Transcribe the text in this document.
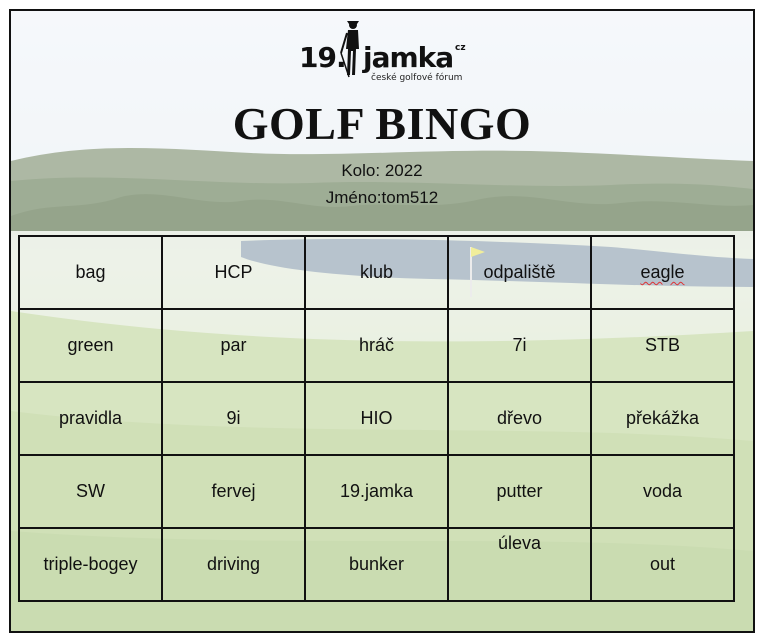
19. jamka cz
české golfové fórum
GOLF BINGO
Kolo: 2022
Jméno:tom512
bag	HCP	klub	odpaliště	eagle
green	par	hráč	7i	STB
pravidla	9i	HIO	dřevo	překážka
SW	fervej	19.jamka	putter	voda
triple-bogey	driving	bunker	úleva	out
